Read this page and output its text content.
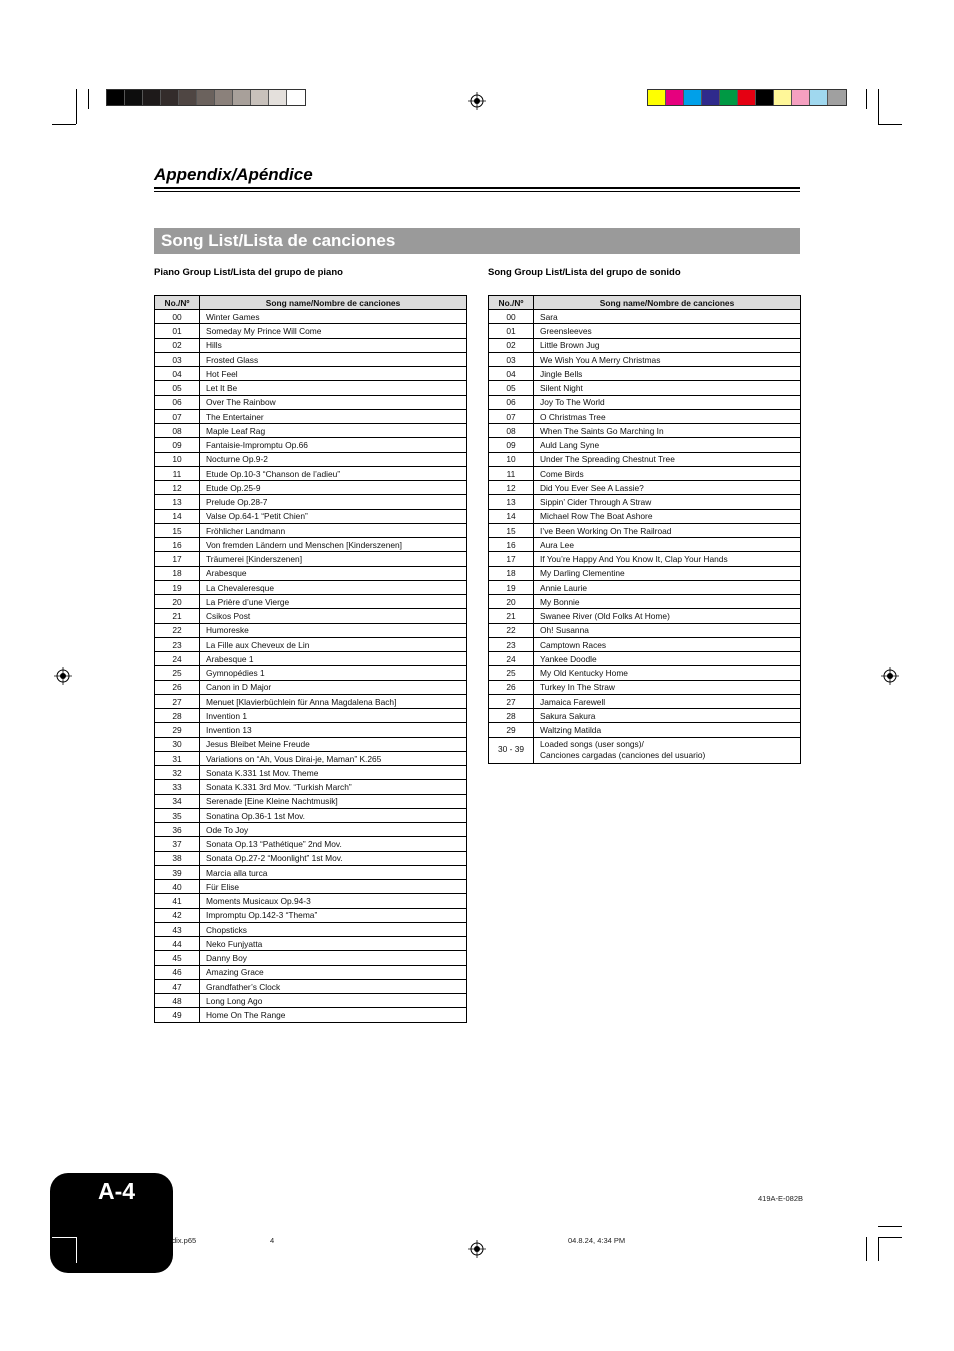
Appendix/Apéndice
Song List/Lista de canciones
Piano Group List/Lista del grupo de piano	Song Group List/Lista del grupo de sonido
No./Nº	Song name/Nombre de canciones
00	Winter Games
01	Someday My Prince Will Come
02	Hills
03	Frosted Glass
04	Hot Feel
05	Let It Be
06	Over The Rainbow
07	The Entertainer
08	Maple Leaf Rag
09	Fantaisie-Impromptu Op.66
10	Nocturne Op.9-2
11	Etude Op.10-3 “Chanson de l’adieu”
12	Etude Op.25-9
13	Prelude Op.28-7
14	Valse Op.64-1 “Petit Chien”
15	Fröhlicher Landmann
16	Von fremden Ländern und Menschen [Kinderszenen]
17	Träumerei [Kinderszenen]
18	Arabesque
19	La Chevaleresque
20	La Prière d’une Vierge
21	Csikos Post
22	Humoreske
23	La Fille aux Cheveux de Lin
24	Arabesque 1
25	Gymnopédies 1
26	Canon in D Major
27	Menuet [Klavierbüchlein für Anna Magdalena Bach]
28	Invention 1
29	Invention 13
30	Jesus Bleibet Meine Freude
31	Variations on “Ah, Vous Dirai-je, Maman” K.265
32	Sonata K.331 1st Mov. Theme
33	Sonata K.331 3rd Mov. “Turkish March”
34	Serenade [Eine Kleine Nachtmusik]
35	Sonatina Op.36-1 1st Mov.
36	Ode To Joy
37	Sonata Op.13 “Pathétique” 2nd Mov.
38	Sonata Op.27-2 “Moonlight” 1st Mov.
39	Marcia alla turca
40	Für Elise
41	Moments Musicaux Op.94-3
42	Impromptu Op.142-3 “Thema”
43	Chopsticks
44	Neko Funjyatta
45	Danny Boy
46	Amazing Grace
47	Grandfather’s Clock
48	Long Long Ago
49	Home On The Range
No./Nº	Song name/Nombre de canciones
00	Sara
01	Greensleeves
02	Little Brown Jug
03	We Wish You A Merry Christmas
04	Jingle Bells
05	Silent Night
06	Joy To The World
07	O Christmas Tree
08	When The Saints Go Marching In
09	Auld Lang Syne
10	Under The Spreading Chestnut Tree
11	Come Birds
12	Did You Ever See A Lassie?
13	Sippin’ Cider Through A Straw
14	Michael Row The Boat Ashore
15	I’ve Been Working On The Railroad
16	Aura Lee
17	If You’re Happy And You Know It, Clap Your Hands
18	My Darling Clementine
19	Annie Laurie
20	My Bonnie
21	Swanee River (Old Folks At Home)
22	Oh! Susanna
23	Camptown Races
24	Yankee Doodle
25	My Old Kentucky Home
26	Turkey In The Straw
27	Jamaica Farewell
28	Sakura Sakura
29	Waltzing Matilda
30 - 39	Loaded songs (user songs)/
Canciones cargadas (canciones del usuario)
A-4	419A-E-082B
dix.p65	4	04.8.24, 4:34 PM
